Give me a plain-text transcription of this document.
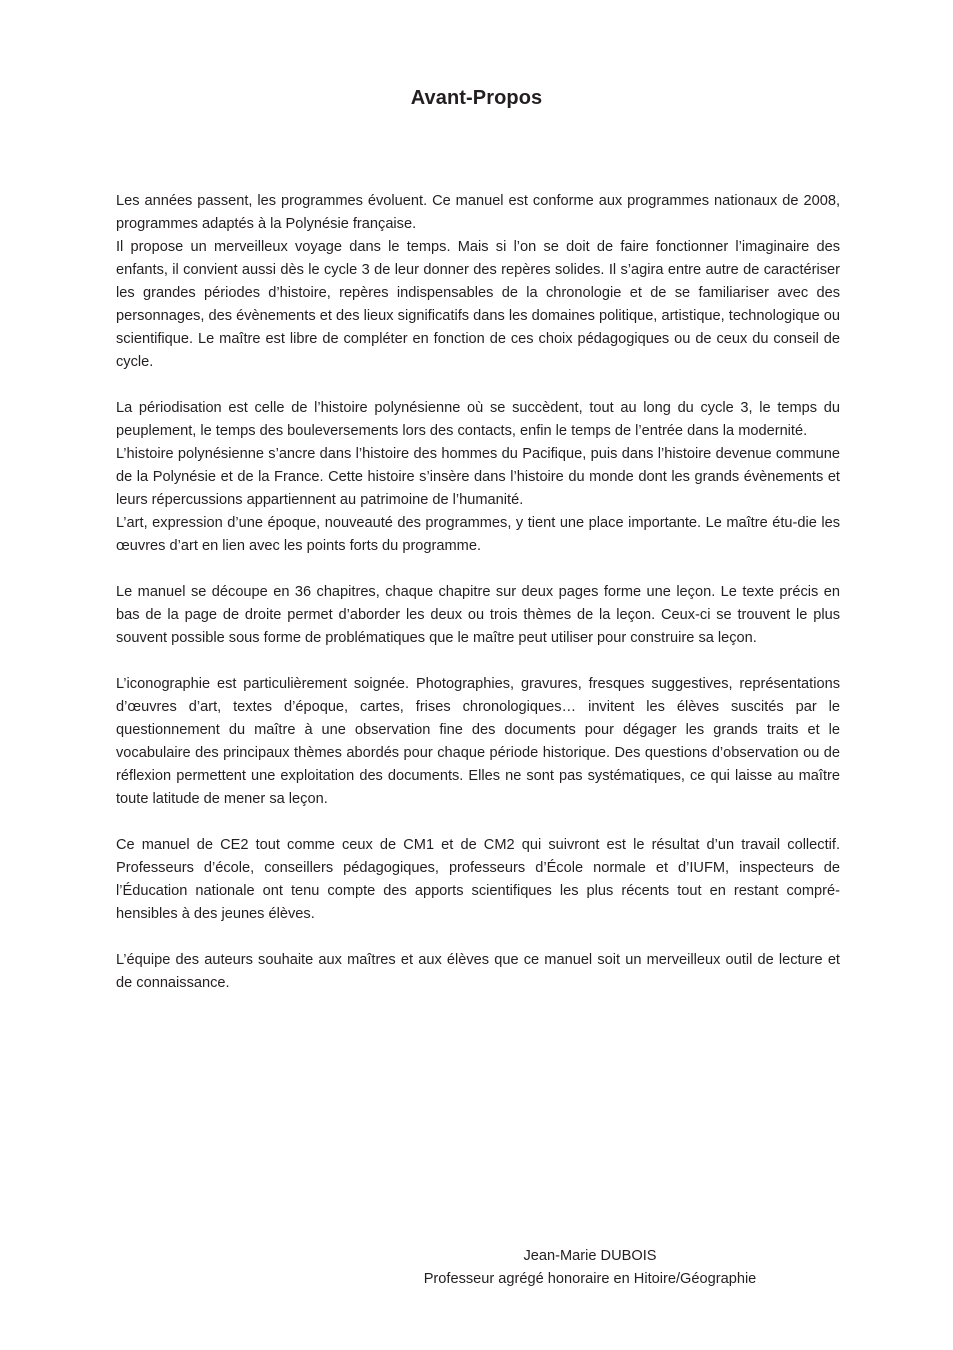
Avant-Propos

Les années passent, les programmes évoluent. Ce manuel est conforme aux programmes nationaux de 2008, programmes adaptés à la Polynésie française.
Il propose un merveilleux voyage dans le temps. Mais si l’on se doit de faire fonctionner l’imaginaire des enfants, il convient aussi dès le cycle 3 de leur donner des repères solides. Il s’agira entre autre de caractériser les grandes périodes d’histoire, repères indispensables de la chronologie et de se familiariser avec des personnages, des évènements et des lieux significatifs dans les domaines politique, artistique, technologique ou scientifique. Le maître est libre de compléter en fonction de ces choix pédagogiques ou de ceux du conseil de cycle.

La périodisation est celle de l’histoire polynésienne où se succèdent, tout au long du cycle 3, le temps du peuplement, le temps des bouleversements lors des contacts, enfin le temps de l’entrée dans la modernité.
L’histoire polynésienne s’ancre dans l’histoire des hommes du Pacifique, puis dans l’histoire devenue commune de la Polynésie et de la France. Cette histoire s’insère dans l’histoire du monde dont les grands évènements et leurs répercussions appartiennent au patrimoine de l’humanité.
L’art, expression d’une époque, nouveauté des programmes, y tient une place importante. Le maître étu-die les œuvres d’art en lien avec les points forts du programme.

Le manuel se découpe en 36 chapitres, chaque chapitre sur deux pages forme une leçon. Le texte précis en bas de la page de droite permet d’aborder les deux ou trois thèmes de la leçon. Ceux-ci se trouvent le plus souvent possible sous forme de problématiques que le maître peut utiliser pour construire sa leçon.

L’iconographie est particulièrement soignée. Photographies, gravures, fresques suggestives, représentations d’œuvres d’art, textes d’époque, cartes, frises chronologiques… invitent les élèves suscités par le questionnement du maître à une observation fine des documents pour dégager les grands traits et le vocabulaire des principaux thèmes abordés pour chaque période historique. Des questions d’observation ou de réflexion permettent une exploitation des documents. Elles ne sont pas systématiques, ce qui laisse au maître toute latitude de mener sa leçon.

Ce manuel de CE2 tout comme ceux de CM1 et de CM2 qui suivront est le résultat d’un travail collectif. Professeurs d’école, conseillers pédagogiques, professeurs d’École normale et d’IUFM, inspecteurs de l’Éducation nationale ont tenu compte des apports scientifiques les plus récents tout en restant compré-hensibles à des jeunes élèves.

L’équipe des auteurs souhaite aux maîtres et aux élèves que ce manuel soit un merveilleux outil de lecture et de connaissance.

Jean-Marie DUBOIS
Professeur agrégé honoraire en Hitoire/Géographie
